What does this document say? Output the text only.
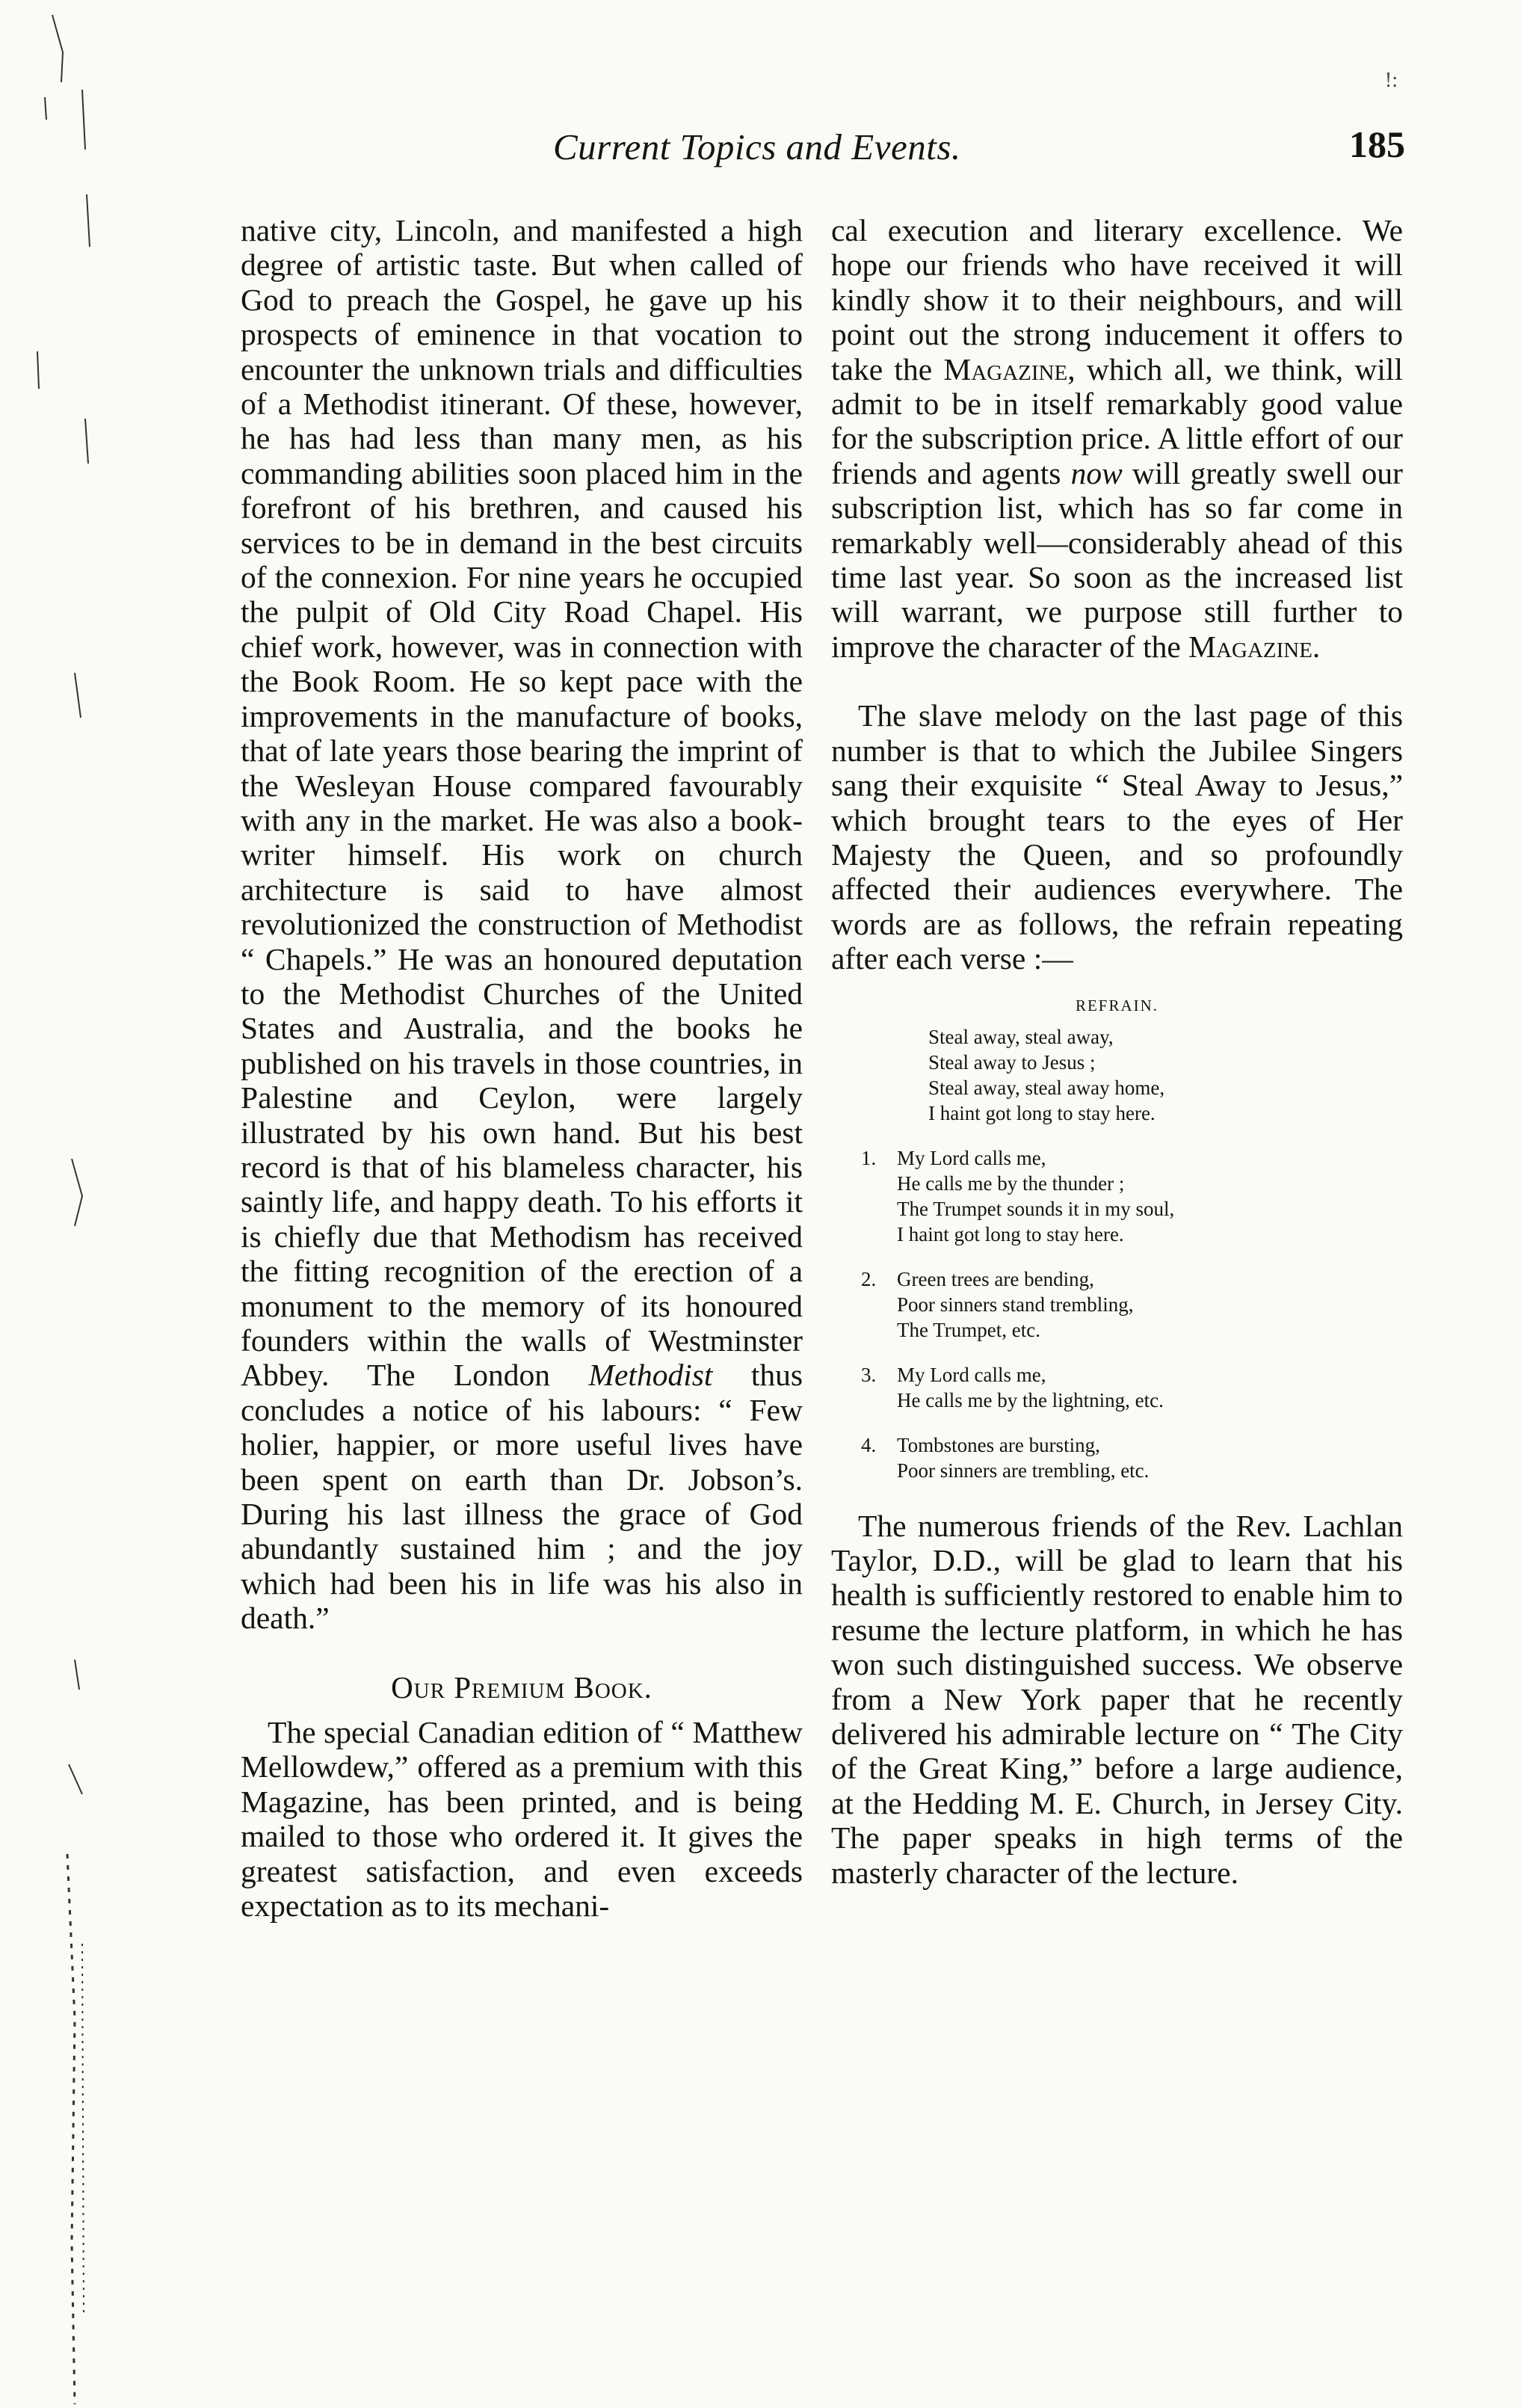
!:
Current Topics and Events.	185

native city, Lincoln, and manifested a high degree of artistic taste. But when called of God to preach the Gospel, he gave up his prospects of eminence in that vocation to encounter the unknown trials and difficulties of a Methodist itinerant. Of these, however, he has had less than many men, as his commanding abilities soon placed him in the forefront of his brethren, and caused his services to be in demand in the best circuits of the connexion. For nine years he occupied the pulpit of Old City Road Chapel. His chief work, however, was in connection with the Book Room. He so kept pace with the improvements in the manufacture of books, that of late years those bearing the imprint of the Wesleyan House compared favourably with any in the market. He was also a book-writer himself. His work on church architecture is said to have almost revolutionized the construction of Methodist “ Chapels.” He was an honoured deputation to the Methodist Churches of the United States and Australia, and the books he published on his travels in those countries, in Palestine and Ceylon, were largely illustrated by his own hand. But his best record is that of his blameless character, his saintly life, and happy death. To his efforts it is chiefly due that Methodism has received the fitting recognition of the erection of a monument to the memory of its honoured founders within the walls of Westminster Abbey. The London Methodist thus concludes a notice of his labours: “ Few holier, happier, or more useful lives have been spent on earth than Dr. Jobson’s. During his last illness the grace of God abundantly sustained him ; and the joy which had been his in life was his also in death.”

Our Premium Book.

The special Canadian edition of “ Matthew Mellowdew,” offered as a premium with this Magazine, has been printed, and is being mailed to those who ordered it. It gives the greatest satisfaction, and even exceeds expectation as to its mechani-

cal execution and literary excellence. We hope our friends who have received it will kindly show it to their neighbours, and will point out the strong inducement it offers to take the Magazine, which all, we think, will admit to be in itself remarkably good value for the subscription price. A little effort of our friends and agents now will greatly swell our subscription list, which has so far come in remarkably well—considerably ahead of this time last year. So soon as the increased list will warrant, we purpose still further to improve the character of the Magazine.

The slave melody on the last page of this number is that to which the Jubilee Singers sang their exquisite “ Steal Away to Jesus,” which brought tears to the eyes of Her Majesty the Queen, and so profoundly affected their audiences everywhere. The words are as follows, the refrain repeating after each verse :—

REFRAIN.
Steal away, steal away,
Steal away to Jesus ;
Steal away, steal away home,
I haint got long to stay here.
1.	My Lord calls me,
He calls me by the thunder ;
The Trumpet sounds it in my soul,
I haint got long to stay here.
2.	Green trees are bending,
Poor sinners stand trembling,
The Trumpet, etc.
3.	My Lord calls me,
He calls me by the lightning, etc.
4.	Tombstones are bursting,
Poor sinners are trembling, etc.

The numerous friends of the Rev. Lachlan Taylor, D.D., will be glad to learn that his health is sufficiently restored to enable him to resume the lecture platform, in which he has won such distinguished success. We observe from a New York paper that he recently delivered his admirable lecture on “ The City of the Great King,” before a large audience, at the Hedding M. E. Church, in Jersey City. The paper speaks in high terms of the masterly character of the lecture.
